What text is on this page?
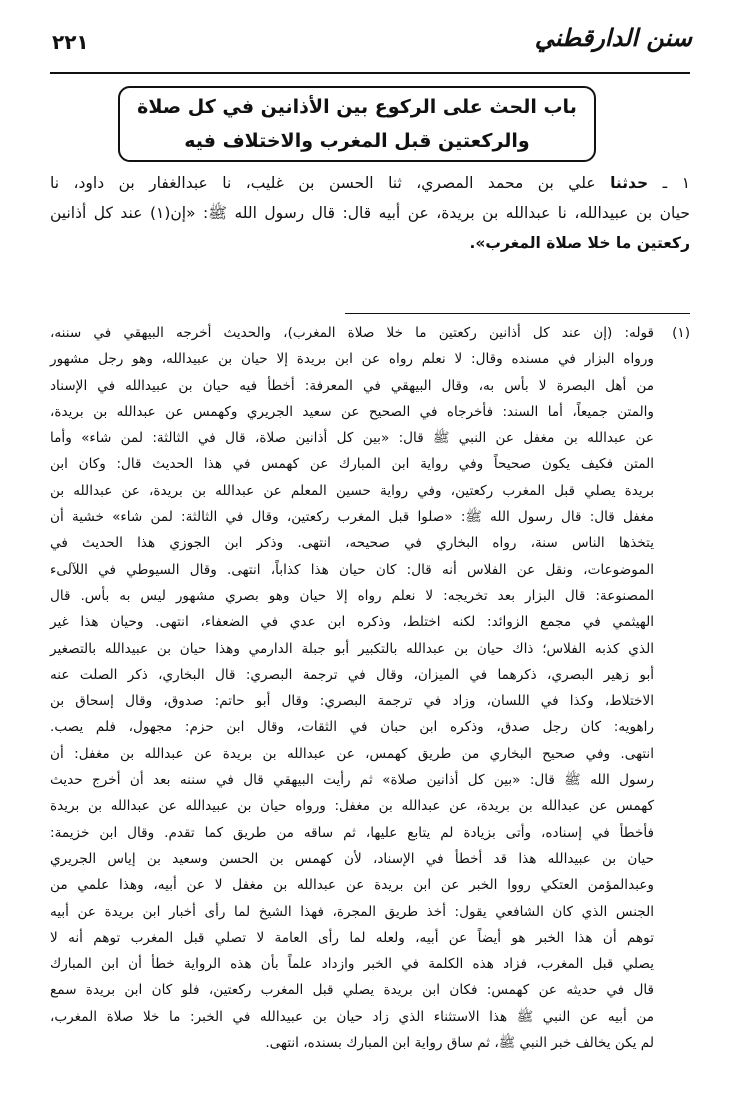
سنن الدارقطني
٢٢١
باب الحث على الركوع بين الأذانين في كل صلاة
والركعتين قبل المغرب والاختلاف فيه
١ ـ حدثنا علي بن محمد المصري، ثنا الحسن بن غليب، نا عبدالغفار بن داود، نا
حيان بن عبيدالله، نا عبدالله بن بريدة، عن أبيه قال: قال رسول الله ﷺ: «إن(١) عند كل أذانين
ركعتين ما خلا صلاة المغرب».
(١)
قوله: (إن عند كل أذانين ركعتين ما خلا صلاة المغرب)، والحديث أخرجه البيهقي في سننه،
ورواه البزار في مسنده وقال: لا نعلم رواه عن ابن بريدة إلا حيان بن عبيدالله، وهو رجل مشهور
من أهل البصرة لا بأس به، وقال البيهقي في المعرفة: أخطأ فيه حيان بن عبيدالله في الإسناد
والمتن جميعاً، أما السند: فأخرجاه في الصحيح عن سعيد الجريري وكهمس عن عبدالله بن بريدة،
عن عبدالله بن مغفل عن النبي ﷺ قال: «بين كل أذانين صلاة، قال في الثالثة: لمن شاء» وأما
المتن فكيف يكون صحيحاً وفي رواية ابن المبارك عن كهمس في هذا الحديث قال: وكان ابن
بريدة يصلي قبل المغرب ركعتين، وفي رواية حسين المعلم عن عبدالله بن بريدة، عن عبدالله بن
مغفل قال: قال رسول الله ﷺ: «صلوا قبل المغرب ركعتين، وقال في الثالثة: لمن شاء» خشية أن
يتخذها الناس سنة، رواه البخاري في صحيحه، انتهى. وذكر ابن الجوزي هذا الحديث في
الموضوعات، ونقل عن الفلاس أنه قال: كان حيان هذا كذاباً، انتهى. وقال السيوطي في اللآلىء
المصنوعة: قال البزار بعد تخريجه: لا نعلم رواه إلا حيان وهو بصري مشهور ليس به بأس. قال
الهيثمي في مجمع الزوائد: لكنه اختلط، وذكره ابن عدي في الضعفاء، انتهى. وحيان هذا غير
الذي كذبه الفلاس؛ ذاك حيان بن عبدالله بالتكبير أبو جبلة الدارمي وهذا حيان بن عبيدالله بالتصغير
أبو زهير البصري، ذكرهما في الميزان، وقال في ترجمة البصري: قال البخاري، ذكر الصلت عنه
الاختلاط، وكذا في اللسان، وزاد في ترجمة البصري: وقال أبو حاتم: صدوق، وقال إسحاق بن
راهويه: كان رجل صدق، وذكره ابن حبان في الثقات، وقال ابن حزم: مجهول، فلم يصب.
انتهى. وفي صحيح البخاري من طريق كهمس، عن عبدالله بن بريدة عن عبدالله بن مغفل: أن
رسول الله ﷺ قال: «بين كل أذانين صلاة» ثم رأيت البيهقي قال في سننه بعد أن أخرج حديث
كهمس عن عبدالله بن بريدة، عن عبدالله بن مغفل: ورواه حيان بن عبيدالله عن عبدالله بن بريدة
فأخطأ في إسناده، وأتى بزيادة لم يتابع عليها، ثم ساقه من طريق كما تقدم. وقال ابن خزيمة:
حيان بن عبيدالله هذا قد أخطأ في الإسناد، لأن كهمس بن الحسن وسعيد بن إياس الجريري
وعبدالمؤمن العتكي رووا الخبر عن ابن بريدة عن عبدالله بن مغفل لا عن أبيه، وهذا علمي من
الجنس الذي كان الشافعي يقول: أخذ طريق المجرة، فهذا الشيخ لما رأى أخبار ابن بريدة عن أبيه
توهم أن هذا الخبر هو أيضاً عن أبيه، ولعله لما رأى العامة لا تصلي قبل المغرب توهم أنه لا
يصلي قبل المغرب، فزاد هذه الكلمة في الخبر وازداد علماً بأن هذه الرواية خطأ أن ابن المبارك
قال في حديثه عن كهمس: فكان ابن بريدة يصلي قبل المغرب ركعتين، فلو كان ابن بريدة سمع
من أبيه عن النبي ﷺ هذا الاستثناء الذي زاد حيان بن عبيدالله في الخبر: ما خلا صلاة المغرب،
لم يكن يخالف خبر النبي ﷺ، ثم ساق رواية ابن المبارك بسنده، انتهى.
